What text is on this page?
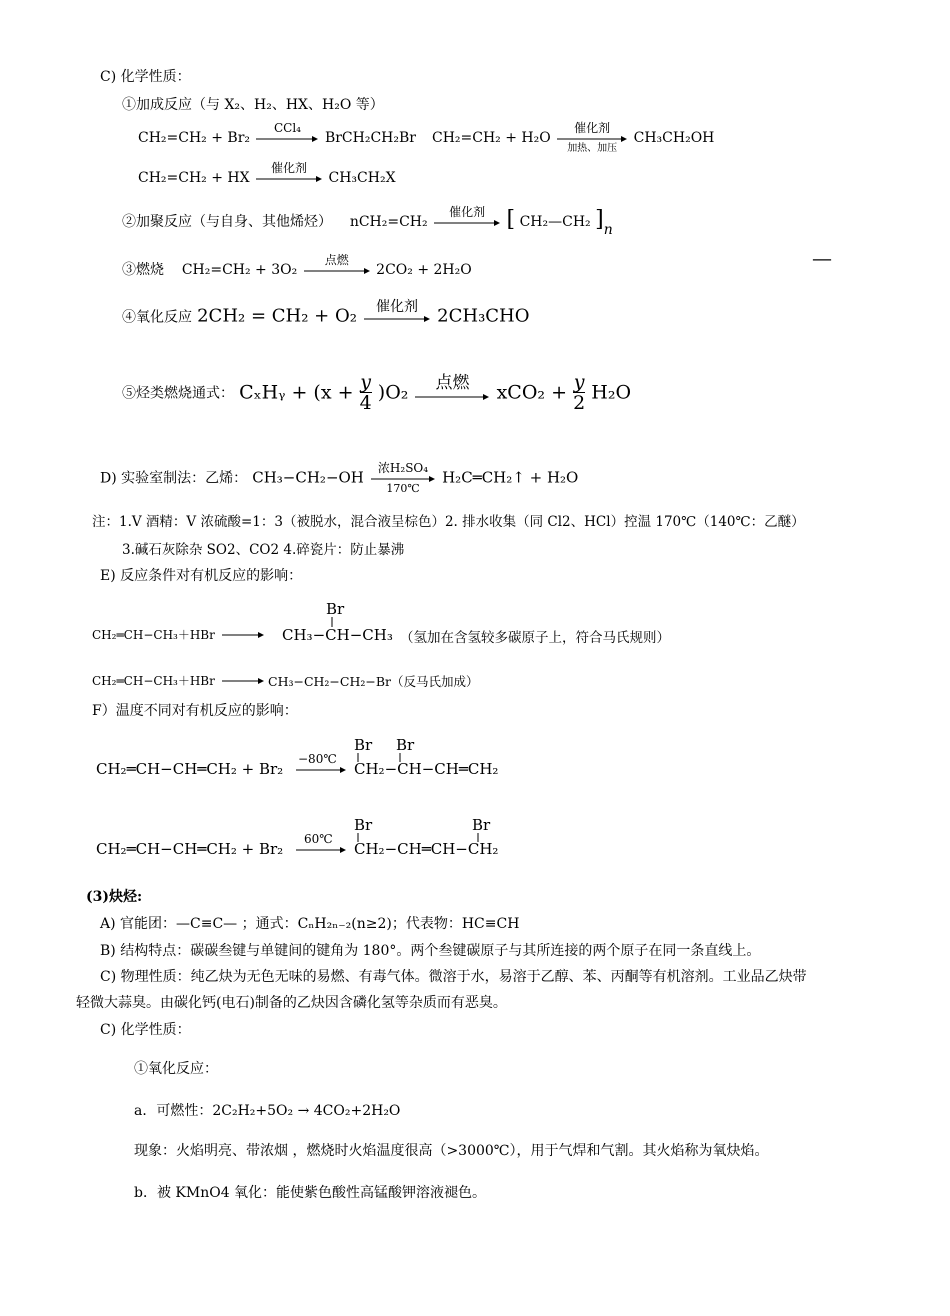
C) 化学性质：
①加成反应（与 X₂、H₂、HX、H₂O 等）
CH₂=CH₂ + Br₂
CCl₄

BrCH₂CH₂Br CH₂=CH₂ + H₂O
催化剂
加热、加压
CH₃CH₂OH
CH₂=CH₂ + HX
催化剂

CH₃CH₂X
②加聚反应（与自身、其他烯烃） nCH₂=CH₂
催化剂
[ CH₂—CH₂ ]n
③燃烧 CH₂=CH₂ + 3O₂
点燃

2CO₂ + 2H₂O	—
④氧化反应 2CH₂ = CH₂ + O₂	催化剂
	2CH₃CHO
⑤烃类燃烧通式： CₓHᵧ + $(x + \frac{y}{4} )O_2$	点燃
	$xCO_2 + \frac{y}{2} H_2O$
D) 实验室制法：乙烯： CH₃−CH₂−OH
浓H₂SO₄
170℃
H₂C═CH₂↑ + H₂O
注：1.V 酒精：V 浓硫酸=1：3（被脱水，混合液呈棕色）2. 排水收集（同 Cl2、HCl）控温 170℃（140℃：乙醚）
3.碱石灰除杂 SO2、CO2 4.碎瓷片：防止暴沸
E) 反应条件对有机反应的影响：
CH₂═CH−CH₃＋HBr →
Br
CH₃−CH−CH₃ （氢加在含氢较多碳原子上，符合马氏规则）
CH₂═CH−CH₃＋HBr → CH₃−CH₂−CH₂−Br（反马氏加成）
F）温度不同对有机反应的影响：
CH₂═CH−CH═CH₂ + Br₂
−80℃
Br Br
CH₂−CH−CH═CH₂
CH₂═CH−CH═CH₂ + Br₂
60℃
Br	Br
CH₂−CH═CH−CH₂
(3)炔烃:
A) 官能团：—C≡C— ；通式：CₙH₂ₙ₋₂(n≥2)；代表物：HC≡CH
B) 结构特点：碳碳叁键与单键间的键角为 180°。两个叁键碳原子与其所连接的两个原子在同一条直线上。
C) 物理性质：纯乙炔为无色无味的易燃、有毒气体。微溶于水，易溶于乙醇、苯、丙酮等有机溶剂。工业品乙炔带
轻微大蒜臭。由碳化钙(电石)制备的乙炔因含磷化氢等杂质而有恶臭。
C) 化学性质：
①氧化反应：
a．可燃性：2C₂H₂+5O₂ → 4CO₂+2H₂O
现象：火焰明亮、带浓烟 ，燃烧时火焰温度很高（>3000℃），用于气焊和气割。其火焰称为氧炔焰。
b．被 KMnO4 氧化：能使紫色酸性高锰酸钾溶液褪色。
